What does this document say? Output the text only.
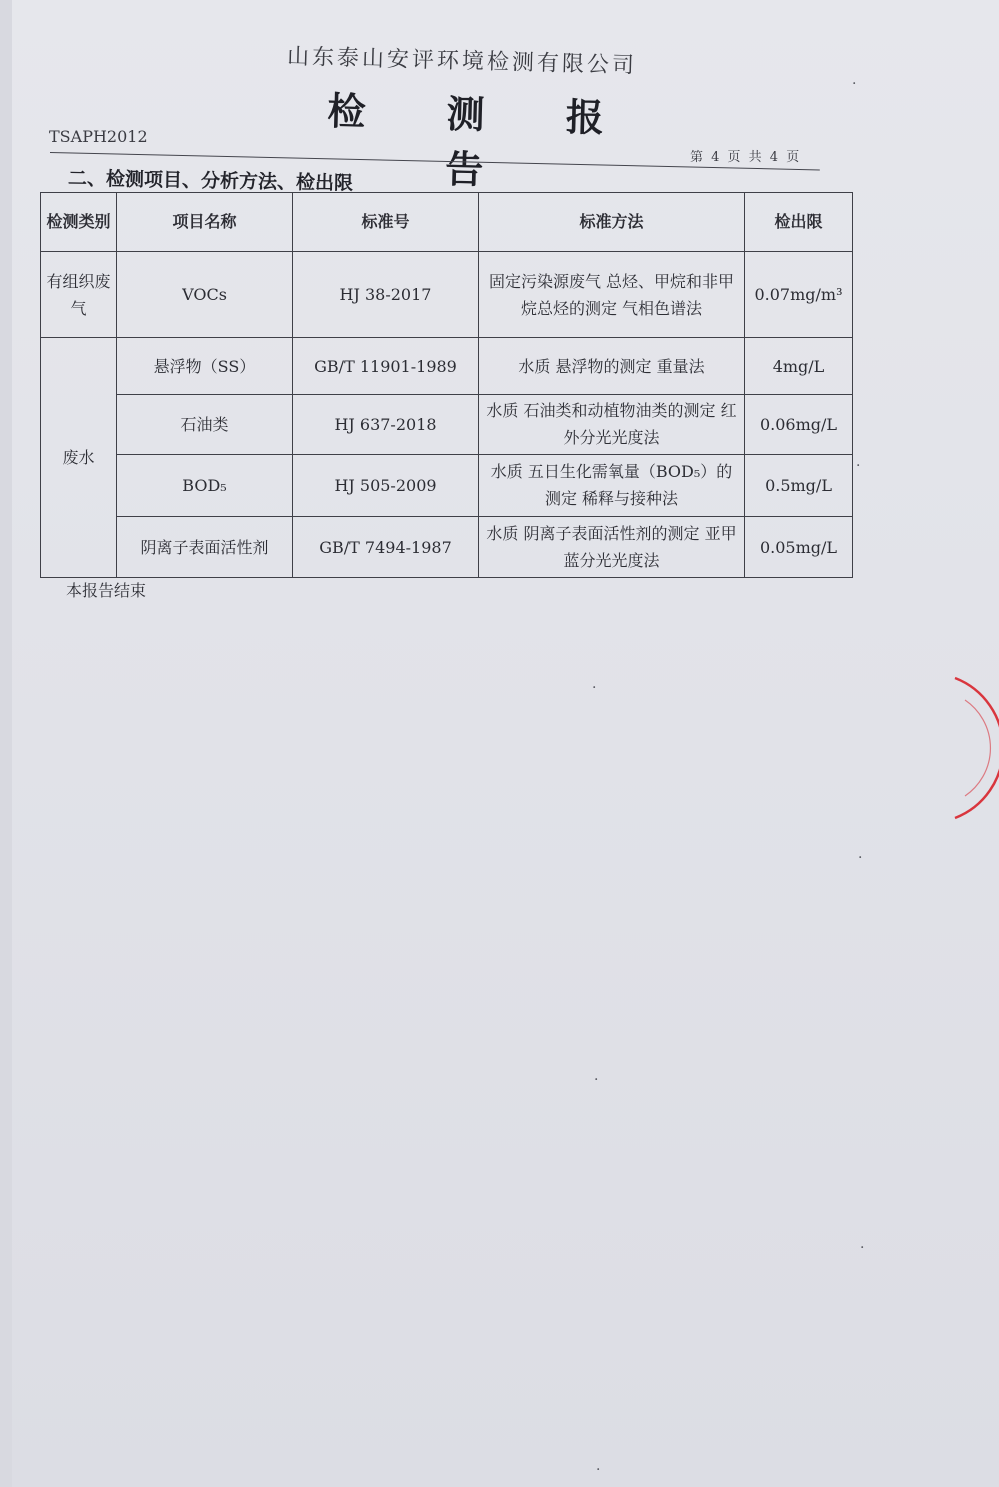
山东泰山安评环境检测有限公司
检 测 报 告
TSAPH2012
第 4 页 共 4 页
二、检测项目、分析方法、检出限
检测类别	项目名称	标准号	标准方法	检出限
有组织废气	VOCs	HJ 38-2017	固定污染源废气 总烃、甲烷和非甲烷总烃的测定 气相色谱法	0.07mg/m³
废水	悬浮物（SS）	GB/T 11901-1989	水质 悬浮物的测定 重量法	4mg/L
	石油类	HJ 637-2018	水质 石油类和动植物油类的测定 红外分光光度法	0.06mg/L
	BOD₅	HJ 505-2009	水质 五日生化需氧量（BOD₅）的测定 稀释与接种法	0.5mg/L
	阴离子表面活性剂	GB/T 7494-1987	水质 阴离子表面活性剂的测定 亚甲蓝分光光度法	0.05mg/L
本报告结束
·
·
·
·
·
·
·
